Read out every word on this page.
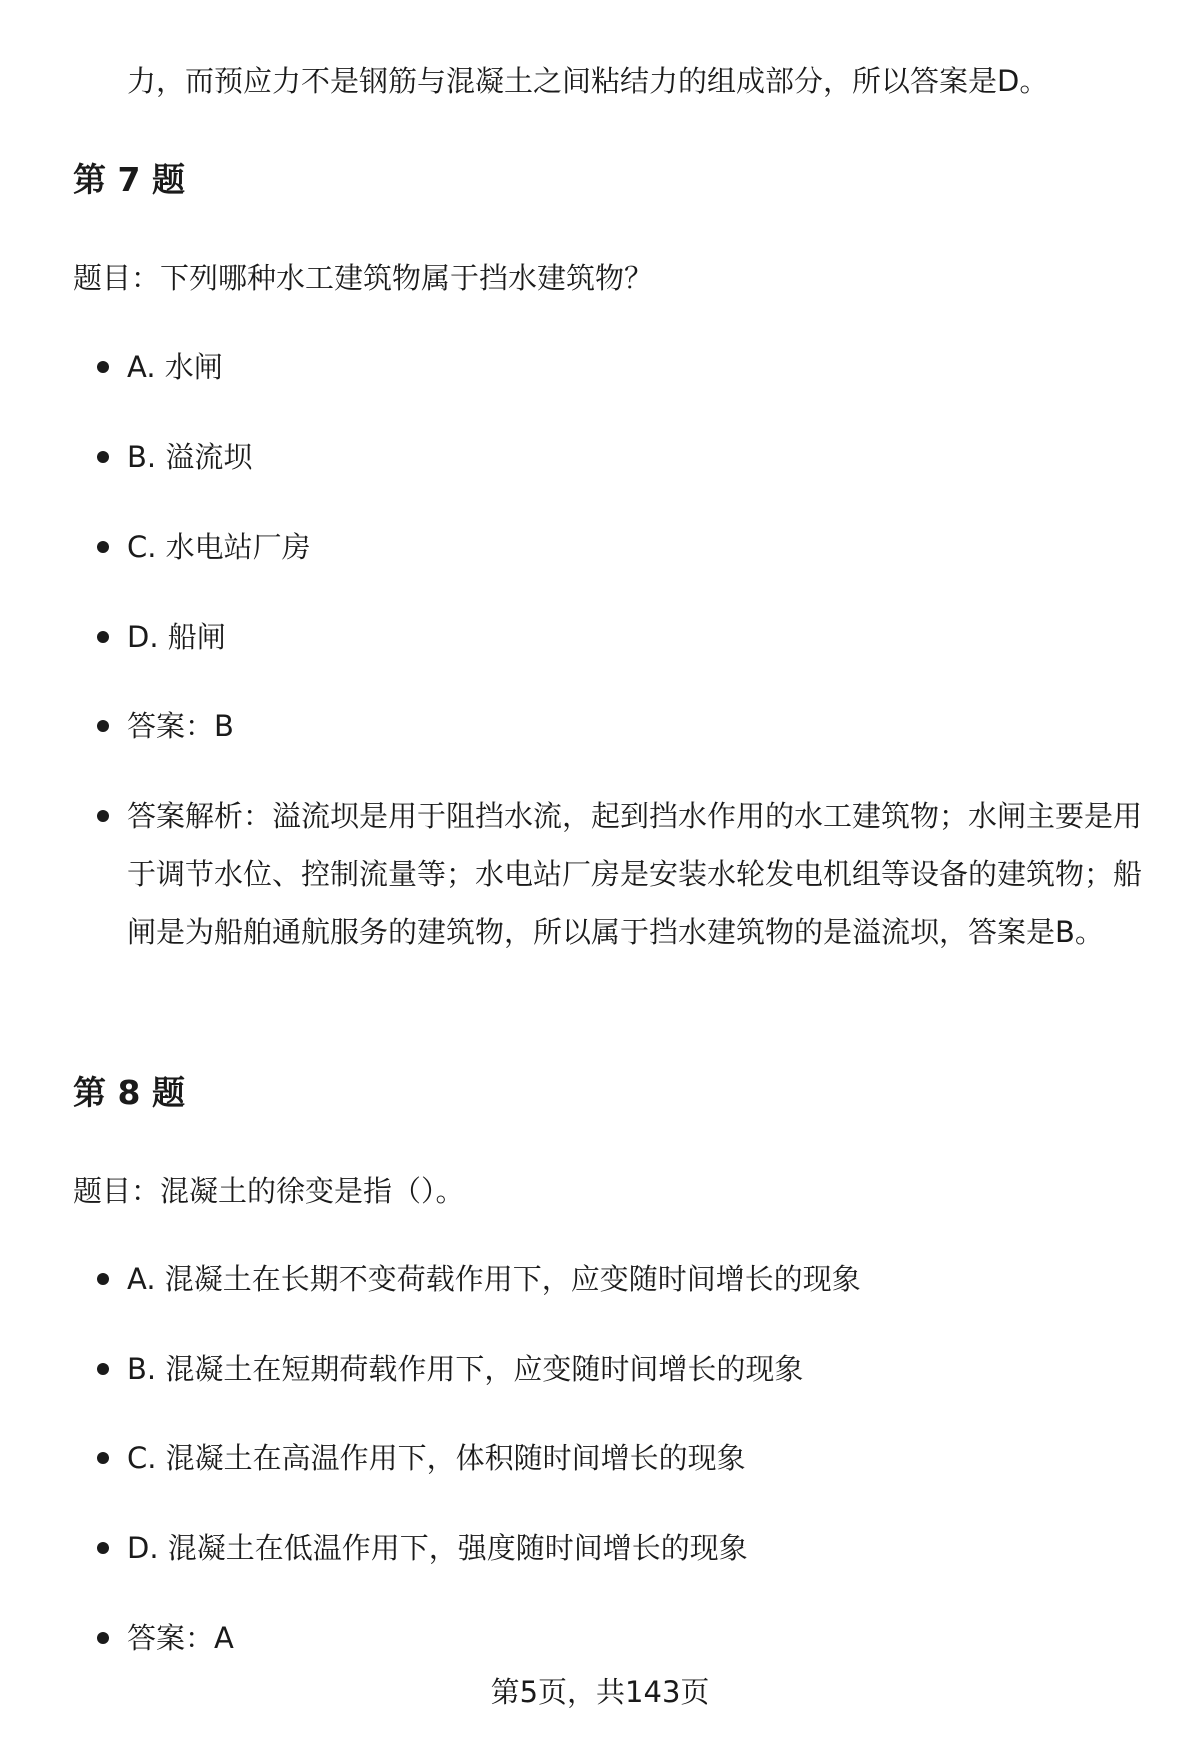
力，而预应力不是钢筋与混凝土之间粘结力的组成部分，所以答案是D。

第 7 题

题目：下列哪种水工建筑物属于挡水建筑物？

A. 水闸
B. 溢流坝
C. 水电站厂房
D. 船闸
答案：B
答案解析：溢流坝是用于阻挡水流，起到挡水作用的水工建筑物；水闸主要是用于调节水位、控制流量等；水电站厂房是安装水轮发电机组等设备的建筑物；船闸是为船舶通航服务的建筑物，所以属于挡水建筑物的是溢流坝，答案是B。
第 8 题

题目：混凝土的徐变是指（）。

A. 混凝土在长期不变荷载作用下，应变随时间增长的现象
B. 混凝土在短期荷载作用下，应变随时间增长的现象
C. 混凝土在高温作用下，体积随时间增长的现象
D. 混凝土在低温作用下，强度随时间增长的现象
答案：A

第5页，共143页
